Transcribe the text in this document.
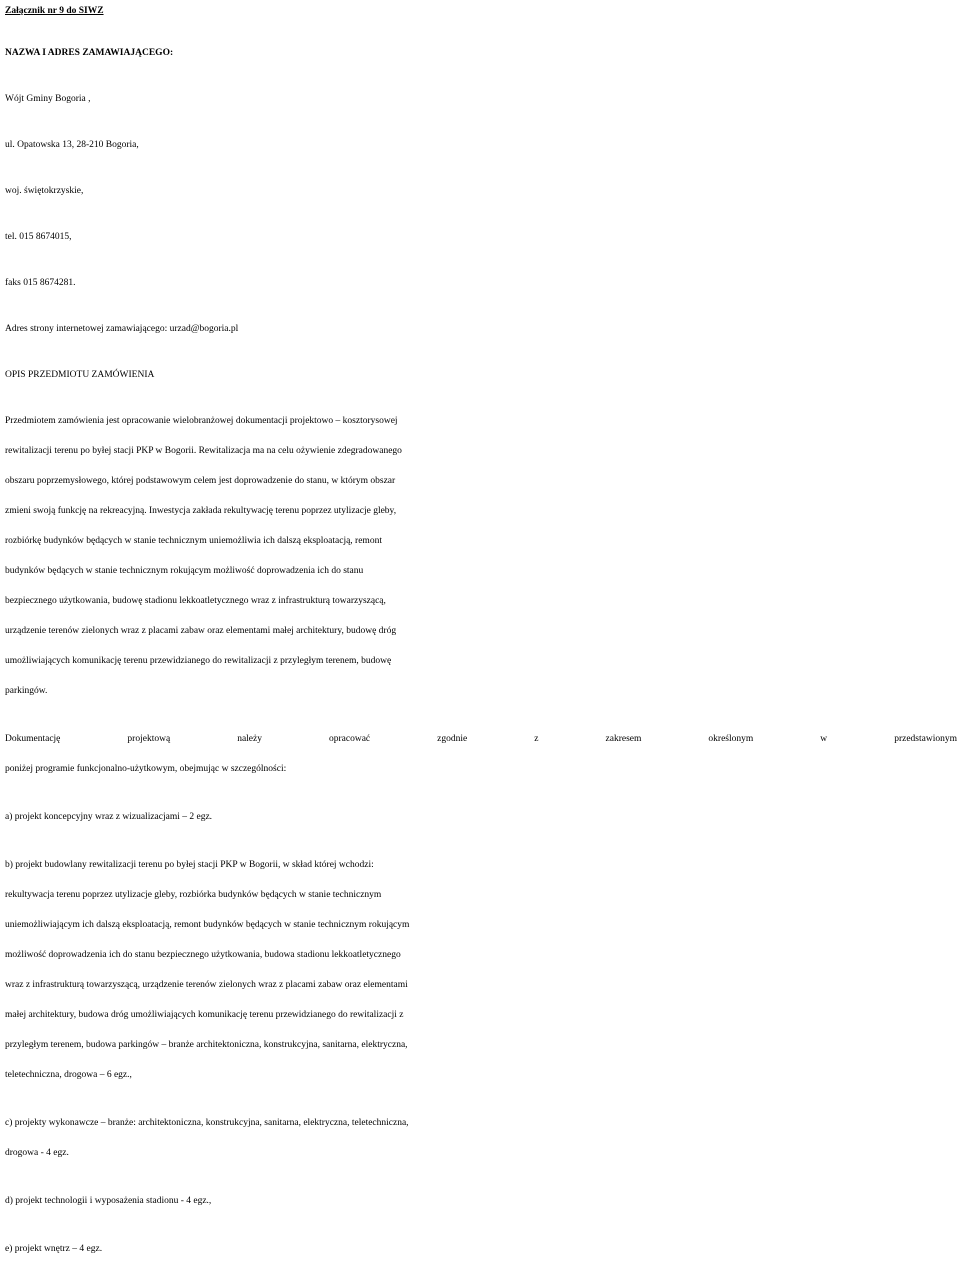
Załącznik nr 9 do SIWZ

NAZWA I ADRES ZAMAWIAJĄCEGO:

Wójt Gminy Bogoria ,

ul. Opatowska 13, 28-210 Bogoria,

woj. świętokrzyskie,

tel. 015 8674015,

faks 015 8674281.

Adres strony internetowej zamawiającego: urzad@bogoria.pl

OPIS PRZEDMIOTU ZAMÓWIENIA

Przedmiotem zamówienia jest opracowanie wielobranżowej dokumentacji projektowo – kosztorysowej
rewitalizacji terenu po byłej stacji PKP w Bogorii. Rewitalizacja ma na celu ożywienie zdegradowanego
obszaru poprzemysłowego, której podstawowym celem jest doprowadzenie do stanu, w którym obszar
zmieni swoją funkcję na rekreacyjną. Inwestycja zakłada rekultywację terenu poprzez utylizacje gleby,
rozbiórkę budynków będących w stanie technicznym uniemożliwia ich dalszą eksploatacją, remont
budynków będących w stanie technicznym rokującym możliwość doprowadzenia ich do stanu
bezpiecznego użytkowania, budowę stadionu lekkoatletycznego wraz z infrastrukturą towarzyszącą,
urządzenie terenów zielonych wraz z placami zabaw oraz elementami małej architektury, budowę dróg
umożliwiających komunikację terenu przewidzianego do rewitalizacji z przyległym terenem, budowę
parkingów.
Dokumentację projektową należy opracować zgodnie z zakresem określonym w przedstawionym
poniżej programie funkcjonalno-użytkowym, obejmując w szczególności:

a) projekt koncepcyjny wraz z wizualizacjami – 2 egz.

b) projekt budowlany rewitalizacji terenu po byłej stacji PKP w Bogorii, w skład której wchodzi:
rekultywacja terenu poprzez utylizacje gleby, rozbiórka budynków będących w stanie technicznym
uniemożliwiającym ich dalszą eksploatacją, remont budynków będących w stanie technicznym rokującym
możliwość doprowadzenia ich do stanu bezpiecznego użytkowania, budowa stadionu lekkoatletycznego
wraz z infrastrukturą towarzyszącą, urządzenie terenów zielonych wraz z placami zabaw oraz elementami
małej architektury, budowa dróg umożliwiających komunikację terenu przewidzianego do rewitalizacji z
przyległym terenem, budowa parkingów – branże architektoniczna, konstrukcyjna, sanitarna, elektryczna,
teletechniczna, drogowa – 6 egz.,
c) projekty wykonawcze – branże: architektoniczna, konstrukcyjna, sanitarna, elektryczna, teletechniczna,
drogowa - 4 egz.

d) projekt technologii i wyposażenia stadionu - 4 egz.,

e) projekt wnętrz – 4 egz.
